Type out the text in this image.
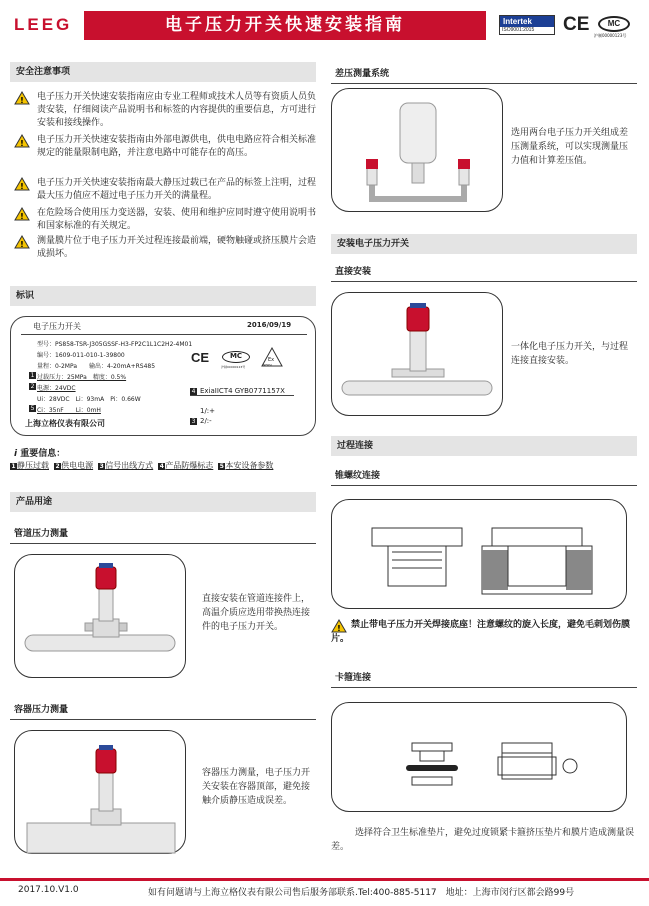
LEEG	电子压力开关快速安装指南	Intertek
ISO9001:2015	CE	MC
沪制00000123号
安全注意事项
! 电子压力开关快速安装指南应由专业工程师或技术人员等有资质人员负责安装，仔细阅读产品说明书和标签的内容提供的重要信息，方可进行安装和接线操作。
! 电子压力开关快速安装指南由外部电源供电，供电电路应符合相关标准规定的能量限制电路，并注意电路中可能存在的高压。
! 电子压力开关快速安装指南最大静压过载已在产品的标签上注明，过程最大压力值应不超过电子压力开关的满量程。
! 在危险场合使用压力变送器，安装、使用和维护应同时遵守使用说明书和国家标准的有关规定。
! 测量膜片位于电子压力开关过程连接最前端，硬物触碰或挤压膜片会造成损坏。
标识
电子压力开关	2016/09/19
型号：PS858-TSR-J305GSSF-H3-FP2C1L1C2H2-4M01
编号：1609-011-010-1-39800
量程：0-2MPa　　输出：4-20mA+RS485
1 过载压力：25MPa　精度：0.5%
2 电源：24VDC
Ui：28VDC　Li：93mA　Pi：0.66W
5 Ci：35nF　　Li：0mH
上海立格仪表有限公司
CE	MC
沪制00000123号
Ex
NEPSI
4 ExiaIICT4 GYB0771157X
1/:+
3 2/:-
i 重要信息：
1静压过载 2供电电源 3信号出线方式 4产品防爆标志 5本安设备参数
产品用途
管道压力测量
直接安装在管道连接件上，高温介质应选用带换热连接件的电子压力开关。
容器压力测量
容器压力测量，电子压力开关安装在容器顶部，避免接触介质静压造成误差。
差压测量系统
选用两台电子压力开关组成差压测量系统，可以实现测量压力值和计算差压值。
安装电子压力开关
直接安装
一体化电子压力开关，与过程连接直接安装。
过程连接
锥螺纹连接
!	禁止带电子压力开关焊接底座！注意螺纹的旋入长度，避免毛刺划伤膜片。
卡箍连接
选择符合卫生标准垫片，避免过度锁紧卡箍挤压垫片和膜片造成测量误差。
2017.10.V1.0	如有问题请与上海立格仪表有限公司售后服务部联系.Tel:400-885-5117　地址：上海市闵行区都会路99号
